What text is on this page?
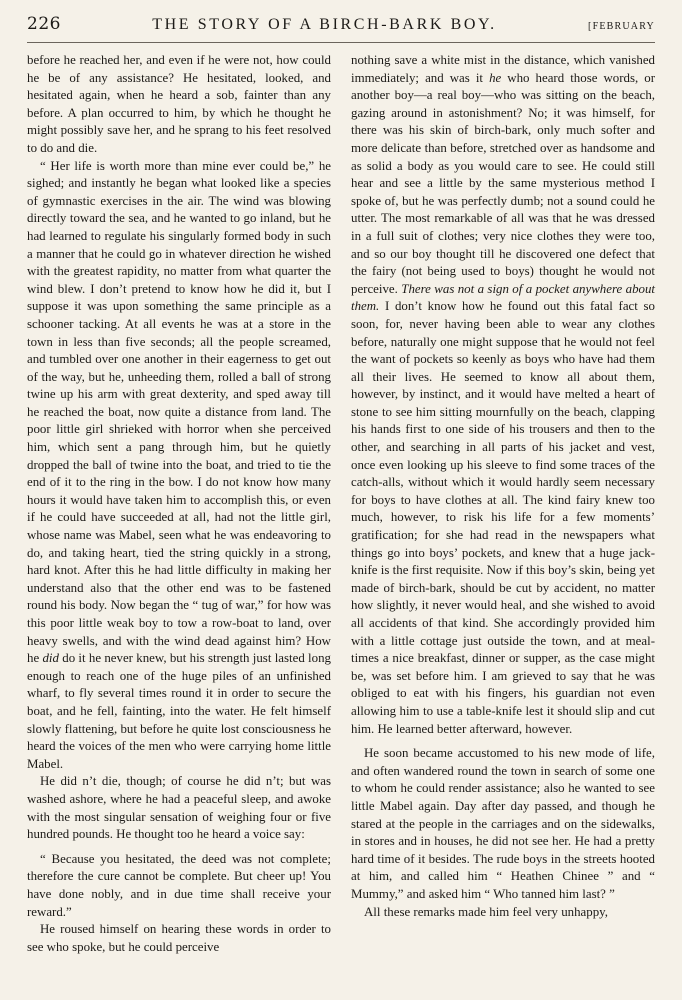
226	THE STORY OF A BIRCH-BARK BOY.	[FEBRUARY

before he reached her, and even if he were not, how could he be of any assistance? He hesitated, looked, and hesitated again, when he heard a sob, fainter than any before. A plan occurred to him, by which he thought he might possibly save her, and he sprang to his feet resolved to do and die.

“ Her life is worth more than mine ever could be,” he sighed; and instantly he began what looked like a species of gymnastic exercises in the air. The wind was blowing directly toward the sea, and he wanted to go inland, but he had learned to regulate his singularly formed body in such a manner that he could go in whatever direction he wished with the greatest rapidity, no matter from what quarter the wind blew. I don’t pretend to know how he did it, but I suppose it was upon something the same principle as a schooner tacking. At all events he was at a store in the town in less than five seconds; all the people screamed, and tumbled over one another in their eagerness to get out of the way, but he, unheeding them, rolled a ball of strong twine up his arm with great dexterity, and sped away till he reached the boat, now quite a distance from land. The poor little girl shrieked with horror when she perceived him, which sent a pang through him, but he quietly dropped the ball of twine into the boat, and tried to tie the end of it to the ring in the bow. I do not know how many hours it would have taken him to accomplish this, or even if he could have succeeded at all, had not the little girl, whose name was Mabel, seen what he was endeavoring to do, and taking heart, tied the string quickly in a strong, hard knot. After this he had little difficulty in making her understand also that the other end was to be fastened round his body. Now began the “ tug of war,” for how was this poor little weak boy to tow a row-boat to land, over heavy swells, and with the wind dead against him? How he did do it he never knew, but his strength just lasted long enough to reach one of the huge piles of an unfinished wharf, to fly several times round it in order to secure the boat, and he fell, fainting, into the water. He felt himself slowly flattening, but before he quite lost consciousness he heard the voices of the men who were carrying home little Mabel.

He did n’t die, though; of course he did n’t; but was washed ashore, where he had a peaceful sleep, and awoke with the most singular sensation of weighing four or five hundred pounds. He thought too he heard a voice say:

“ Because you hesitated, the deed was not complete; therefore the cure cannot be complete. But cheer up! You have done nobly, and in due time shall receive your reward.”

He roused himself on hearing these words in order to see who spoke, but he could perceive

nothing save a white mist in the distance, which vanished immediately; and was it he who heard those words, or another boy—a real boy—who was sitting on the beach, gazing around in astonishment? No; it was himself, for there was his skin of birch-bark, only much softer and more delicate than before, stretched over as handsome and as solid a body as you would care to see. He could still hear and see a little by the same mysterious method I spoke of, but he was perfectly dumb; not a sound could he utter. The most remarkable of all was that he was dressed in a full suit of clothes; very nice clothes they were too, and so our boy thought till he discovered one defect that the fairy (not being used to boys) thought he would not perceive. There was not a sign of a pocket anywhere about them. I don’t know how he found out this fatal fact so soon, for, never having been able to wear any clothes before, naturally one might suppose that he would not feel the want of pockets so keenly as boys who have had them all their lives. He seemed to know all about them, however, by instinct, and it would have melted a heart of stone to see him sitting mournfully on the beach, clapping his hands first to one side of his trousers and then to the other, and searching in all parts of his jacket and vest, once even looking up his sleeve to find some traces of the catch-alls, without which it would hardly seem necessary for boys to have clothes at all. The kind fairy knew too much, however, to risk his life for a few moments’ gratification; for she had read in the newspapers what things go into boys’ pockets, and knew that a huge jack-knife is the first requisite. Now if this boy’s skin, being yet made of birch-bark, should be cut by accident, no matter how slightly, it never would heal, and she wished to avoid all accidents of that kind. She accordingly provided him with a little cottage just outside the town, and at meal-times a nice breakfast, dinner or supper, as the case might be, was set before him. I am grieved to say that he was obliged to eat with his fingers, his guardian not even allowing him to use a table-knife lest it should slip and cut him. He learned better afterward, however.

He soon became accustomed to his new mode of life, and often wandered round the town in search of some one to whom he could render assistance; also he wanted to see little Mabel again. Day after day passed, and though he stared at the people in the carriages and on the sidewalks, in stores and in houses, he did not see her. He had a pretty hard time of it besides. The rude boys in the streets hooted at him, and called him “ Heathen Chinee ” and “ Mummy,” and asked him “ Who tanned him last? ”

All these remarks made him feel very unhappy,
